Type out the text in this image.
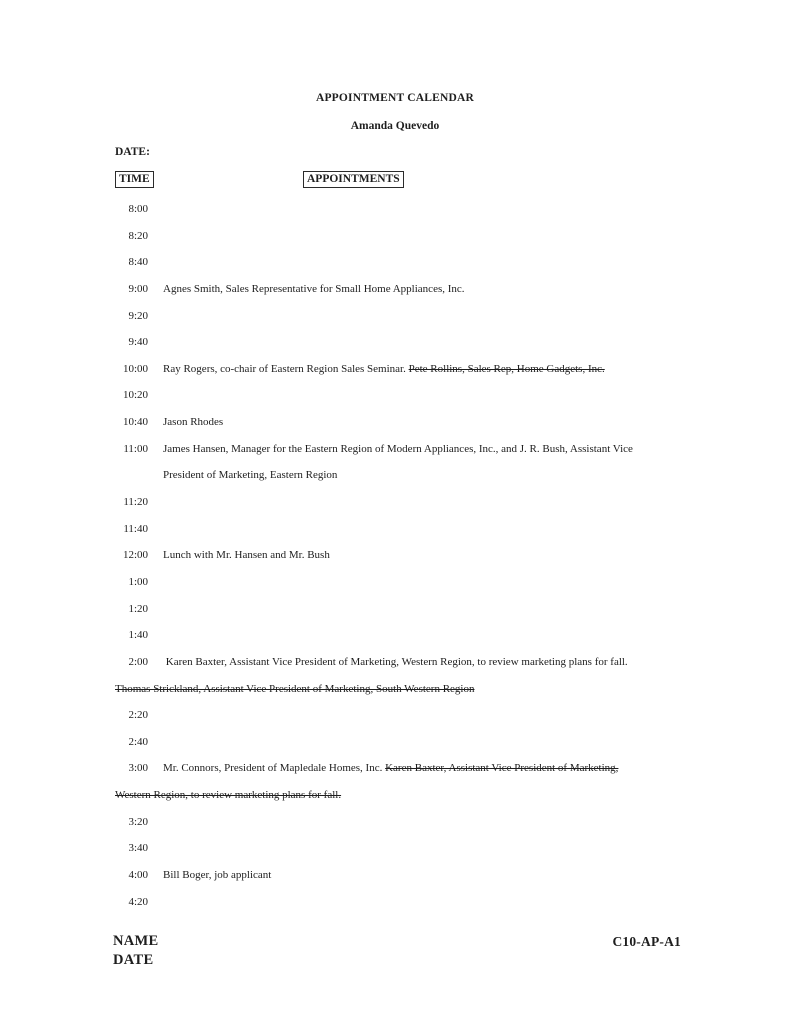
APPOINTMENT CALENDAR
Amanda Quevedo
DATE:
TIME	APPOINTMENTS
8:00
8:20
8:40
9:00	Agnes Smith, Sales Representative for Small Home Appliances, Inc.
9:20
9:40
10:00	Ray Rogers, co-chair of Eastern Region Sales Seminar. Pete Rollins, Sales Rep, Home Gadgets, Inc.
10:20
10:40	Jason Rhodes
11:00	James Hansen, Manager for the Eastern Region of Modern Appliances, Inc., and J. R. Bush, Assistant Vice
President of Marketing, Eastern Region
11:20
11:40
12:00	Lunch with Mr. Hansen and Mr. Bush
1:00
1:20
1:40
2:00	Karen Baxter, Assistant Vice President of Marketing, Western Region, to review marketing plans for fall.
Thomas Strickland, Assistant Vice President of Marketing, South Western Region
2:20
2:40
3:00	Mr. Connors, President of Mapledale Homes, Inc. Karen Baxter, Assistant Vice President of Marketing,
Western Region, to review marketing plans for fall.
3:20
3:40
4:00	Bill Boger, job applicant
4:20
NAME
DATE
C10-AP-A1
